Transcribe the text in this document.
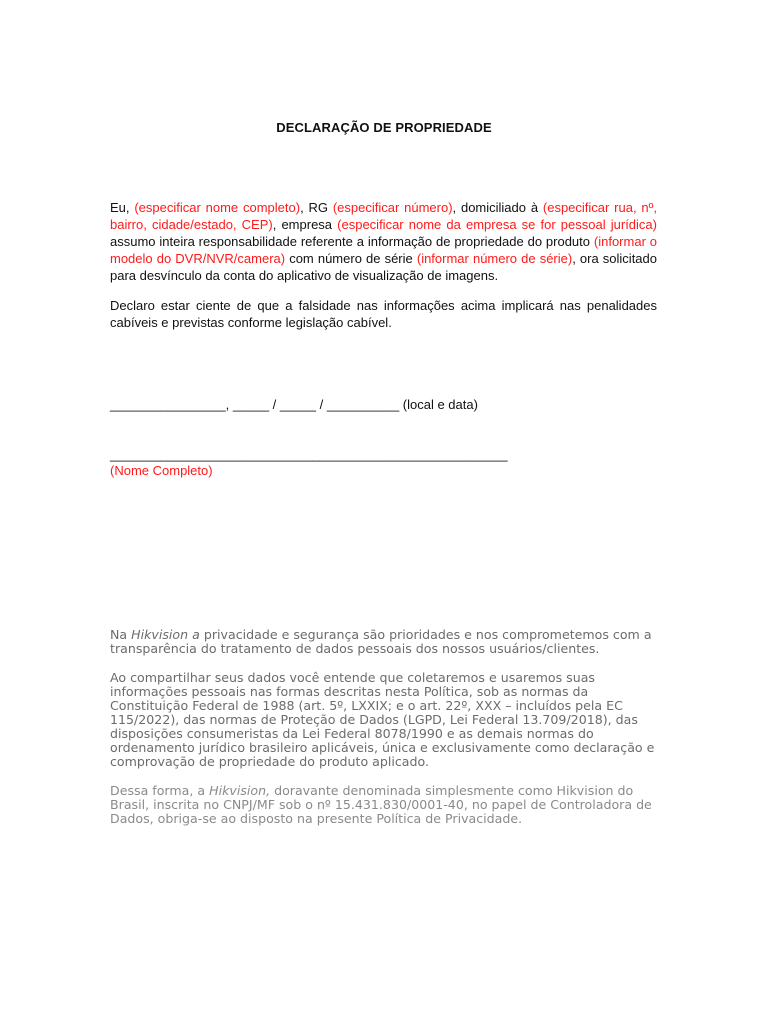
DECLARAÇÃO DE PROPRIEDADE

Eu, (especificar nome completo), RG (especificar número), domiciliado à (especificar rua, nº, bairro, cidade/estado, CEP), empresa (especificar nome da empresa se for pessoal jurídica) assumo inteira responsabilidade referente a informação de propriedade do produto (informar o modelo do DVR/NVR/camera) com número de série (informar número de série), ora solicitado para desvínculo da conta do aplicativo de visualização de imagens.

Declaro estar ciente de que a falsidade nas informações acima implicará nas penalidades cabíveis e previstas conforme legislação cabível.

________________, _____ / _____ / __________ (local e data)
_______________________________________________________
(Nome Completo)

Na Hikvision a privacidade e segurança são prioridades e nos comprometemos com a transparência do tratamento de dados pessoais dos nossos usuários/clientes.

Ao compartilhar seus dados você entende que coletaremos e usaremos suas informações pessoais nas formas descritas nesta Política, sob as normas da Constituição Federal de 1988 (art. 5º, LXXIX; e o art. 22º, XXX – incluídos pela EC 115/2022), das normas de Proteção de Dados (LGPD, Lei Federal 13.709/2018), das disposições consumeristas da Lei Federal 8078/1990 e as demais normas do ordenamento jurídico brasileiro aplicáveis, única e exclusivamente como declaração e comprovação de propriedade do produto aplicado.

Dessa forma, a Hikvision, doravante denominada simplesmente como Hikvision do Brasil, inscrita no CNPJ/MF sob o nº 15.431.830/0001-40, no papel de Controladora de Dados, obriga-se ao disposto na presente Política de Privacidade.
